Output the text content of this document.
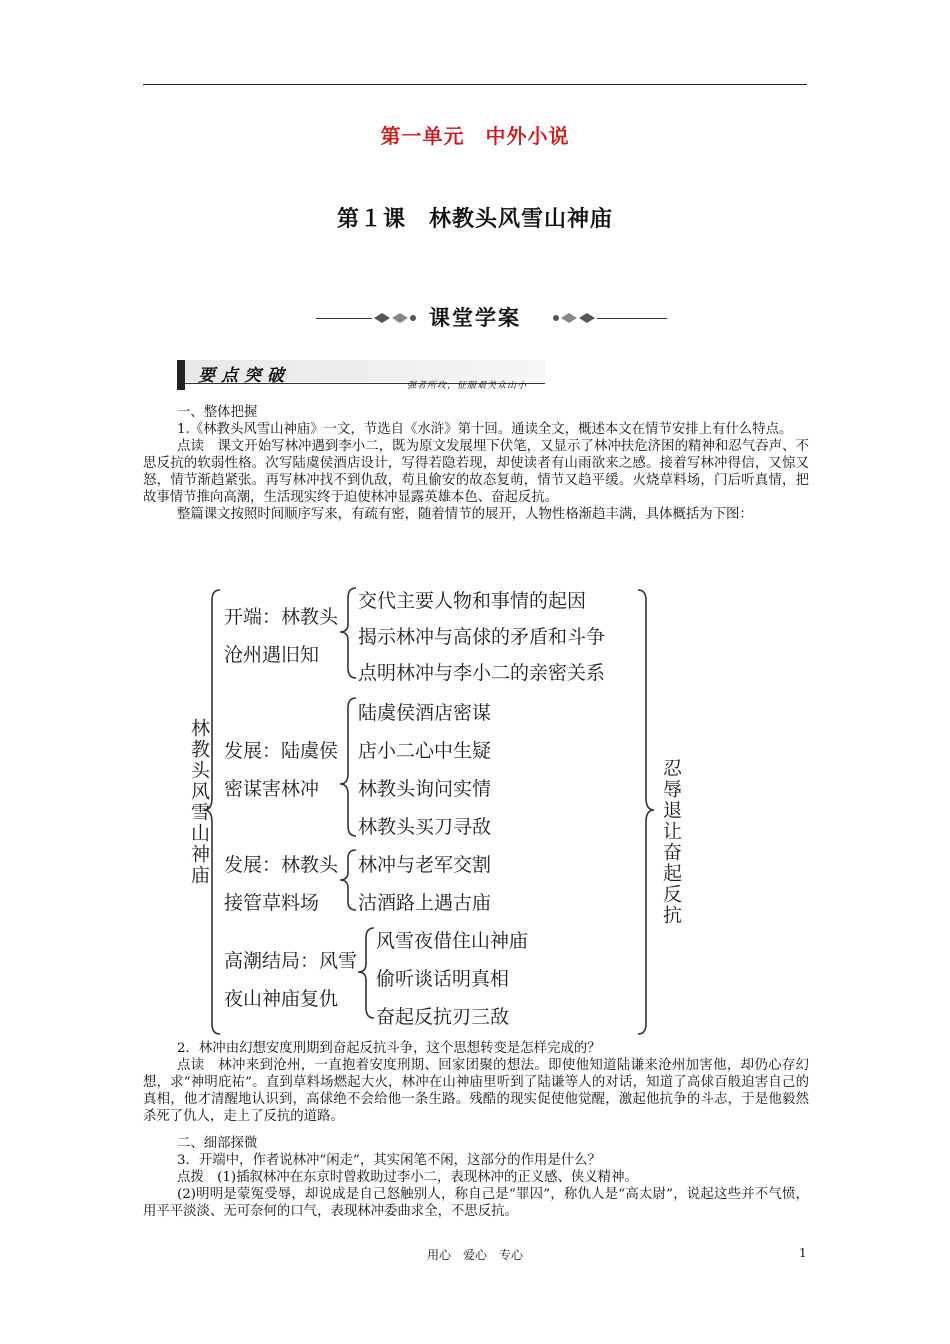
第一单元　中外小说
第１课　林教头风雪山神庙
课堂学案
要点突破	强者所攻，征服艰关众山小

一、整体把握

1.《林教头风雪山神庙》一文，节选自《水浒》第十回。通读全文，概述本文在情节安排上有什么特点。

点读　课文开始写林冲遇到李小二，既为原文发展埋下伏笔，又显示了林冲扶危济困的精神和忍气吞声、不思反抗的软弱性格。次写陆虞侯酒店设计，写得若隐若现，却使读者有山雨欲来之感。接着写林冲得信，又惊又怒，情节渐趋紧张。再写林冲找不到仇敌，苟且偷安的故态复萌，情节又趋平缓。火烧草料场，门后听真情，把故事情节推向高潮，生活现实终于迫使林冲显露英雄本色、奋起反抗。

整篇课文按照时间顺序写来，有疏有密，随着情节的展开，人物性格渐趋丰满，具体概括为下图：

林教头风雪山神庙	忍辱退让奋起反抗
开端：林教头
沧州遇旧知
交代主要人物和事情的起因
揭示林冲与高俅的矛盾和斗争
点明林冲与李小二的亲密关系
发展：陆虞侯
密谋害林冲
陆虞侯酒店密谋
店小二心中生疑
林教头询问实情
林教头买刀寻敌
发展：林教头
接管草料场
林冲与老军交割
沽酒路上遇古庙
高潮结局：风雪
夜山神庙复仇
风雪夜借住山神庙
偷听谈话明真相
奋起反抗刃三敌

2．林冲由幻想安度刑期到奋起反抗斗争，这个思想转变是怎样完成的？

点读　林冲来到沧州，一直抱着安度刑期、回家团聚的想法。即使他知道陆谦来沧州加害他，却仍心存幻想，求“神明庇祐”。直到草料场燃起大火，林冲在山神庙里听到了陆谦等人的对话，知道了高俅百般迫害自己的真相，他才清醒地认识到，高俅绝不会给他一条生路。残酷的现实促使他觉醒，激起他抗争的斗志，于是他毅然杀死了仇人，走上了反抗的道路。

二、细部探微

3．开端中，作者说林冲“闲走”，其实闲笔不闲，这部分的作用是什么？

点拨　(1)插叙林冲在东京时曾救助过李小二，表现林冲的正义感、侠义精神。

(2)明明是蒙冤受辱，却说成是自己怒触别人，称自己是“罪囚”，称仇人是“高太尉”，说起这些并不气愤，用平平淡淡、无可奈何的口气，表现林冲委曲求全，不思反抗。

用心　爱心　专心	1
